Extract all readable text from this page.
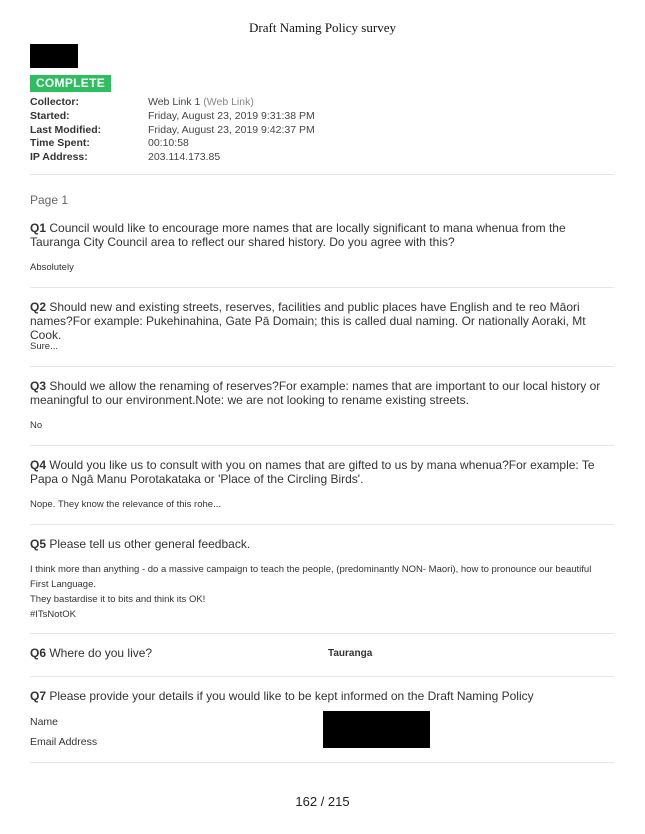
Draft Naming Policy survey
COMPLETE
Collector:	Web Link 1 (Web Link)
Started:	Friday, August 23, 2019 9:31:38 PM
Last Modified:	Friday, August 23, 2019 9:42:37 PM
Time Spent:	00:10:58
IP Address:	203.114.173.85
Page 1
Q1 Council would like to encourage more names that are locally significant to mana whenua from the Tauranga City Council area to reflect our shared history. Do you agree with this?
Absolutely
Q2 Should new and existing streets, reserves, facilities and public places have English and te reo Māori names?For example: Pukehinahina, Gate Pā Domain; this is called dual naming. Or nationally Aoraki, Mt Cook.
Sure...
Q3 Should we allow the renaming of reserves?For example: names that are important to our local history or meaningful to our environment.Note: we are not looking to rename existing streets.
No
Q4 Would you like us to consult with you on names that are gifted to us by mana whenua?For example: Te Papa o Ngā Manu Porotakataka or 'Place of the Circling Birds'.
Nope. They know the relevance of this rohe...
Q5 Please tell us other general feedback.
I think more than anything - do a massive campaign to teach the people, (predominantly NON- Maori), how to pronounce our beautiful
First Language.
They bastardise it to bits and think its OK!
#ITsNotOK
Q6 Where do you live?	Tauranga
Q7 Please provide your details if you would like to be kept informed on the Draft Naming Policy
Name
Email Address
162 / 215
